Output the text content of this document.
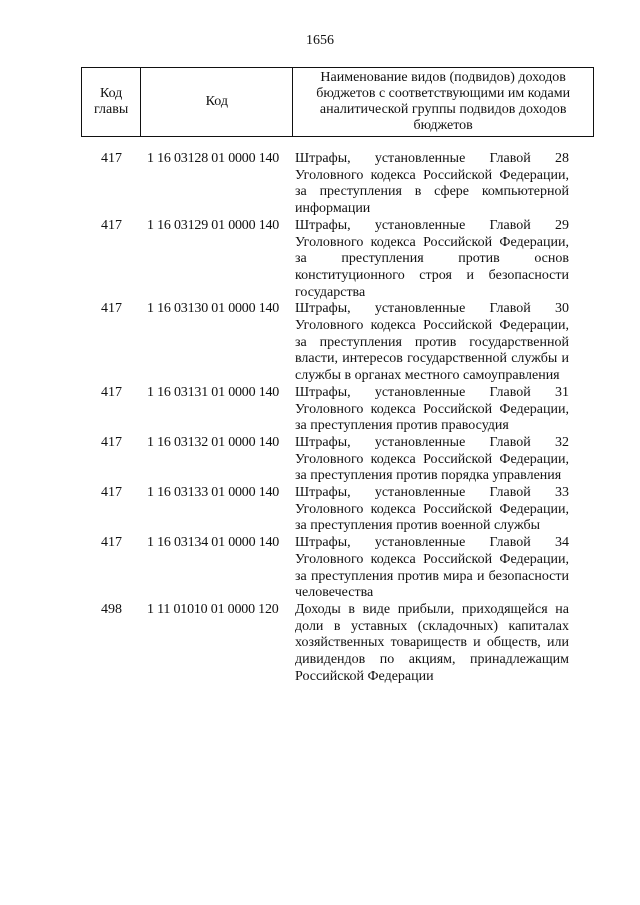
1656
Код главы	Код	Наименование видов (подвидов) доходов бюджетов с соответствующими им кодами аналитической группы подвидов доходов бюджетов
417	1 16 03128 01 0000 140	Штрафы, установленные Главой 28 Уголовного кодекса Российской Федерации, за преступления в сфере компьютерной информации
417	1 16 03129 01 0000 140	Штрафы, установленные Главой 29 Уголовного кодекса Российской Федерации, за преступления против основ конституционного строя и безопасности государства
417	1 16 03130 01 0000 140	Штрафы, установленные Главой 30 Уголовного кодекса Российской Федерации, за преступления против государственной власти, интересов государственной службы и службы в органах местного самоуправления
417	1 16 03131 01 0000 140	Штрафы, установленные Главой 31 Уголовного кодекса Российской Федерации, за преступления против правосудия
417	1 16 03132 01 0000 140	Штрафы, установленные Главой 32 Уголовного кодекса Российской Федерации, за преступления против порядка управления
417	1 16 03133 01 0000 140	Штрафы, установленные Главой 33 Уголовного кодекса Российской Федерации, за преступления против военной службы
417	1 16 03134 01 0000 140	Штрафы, установленные Главой 34 Уголовного кодекса Российской Федерации, за преступления против мира и безопасности человечества
498	1 11 01010 01 0000 120	Доходы в виде прибыли, приходящейся на доли в уставных (складочных) капиталах хозяйственных товариществ и обществ, или дивидендов по акциям, принадлежащим Российской Федерации
